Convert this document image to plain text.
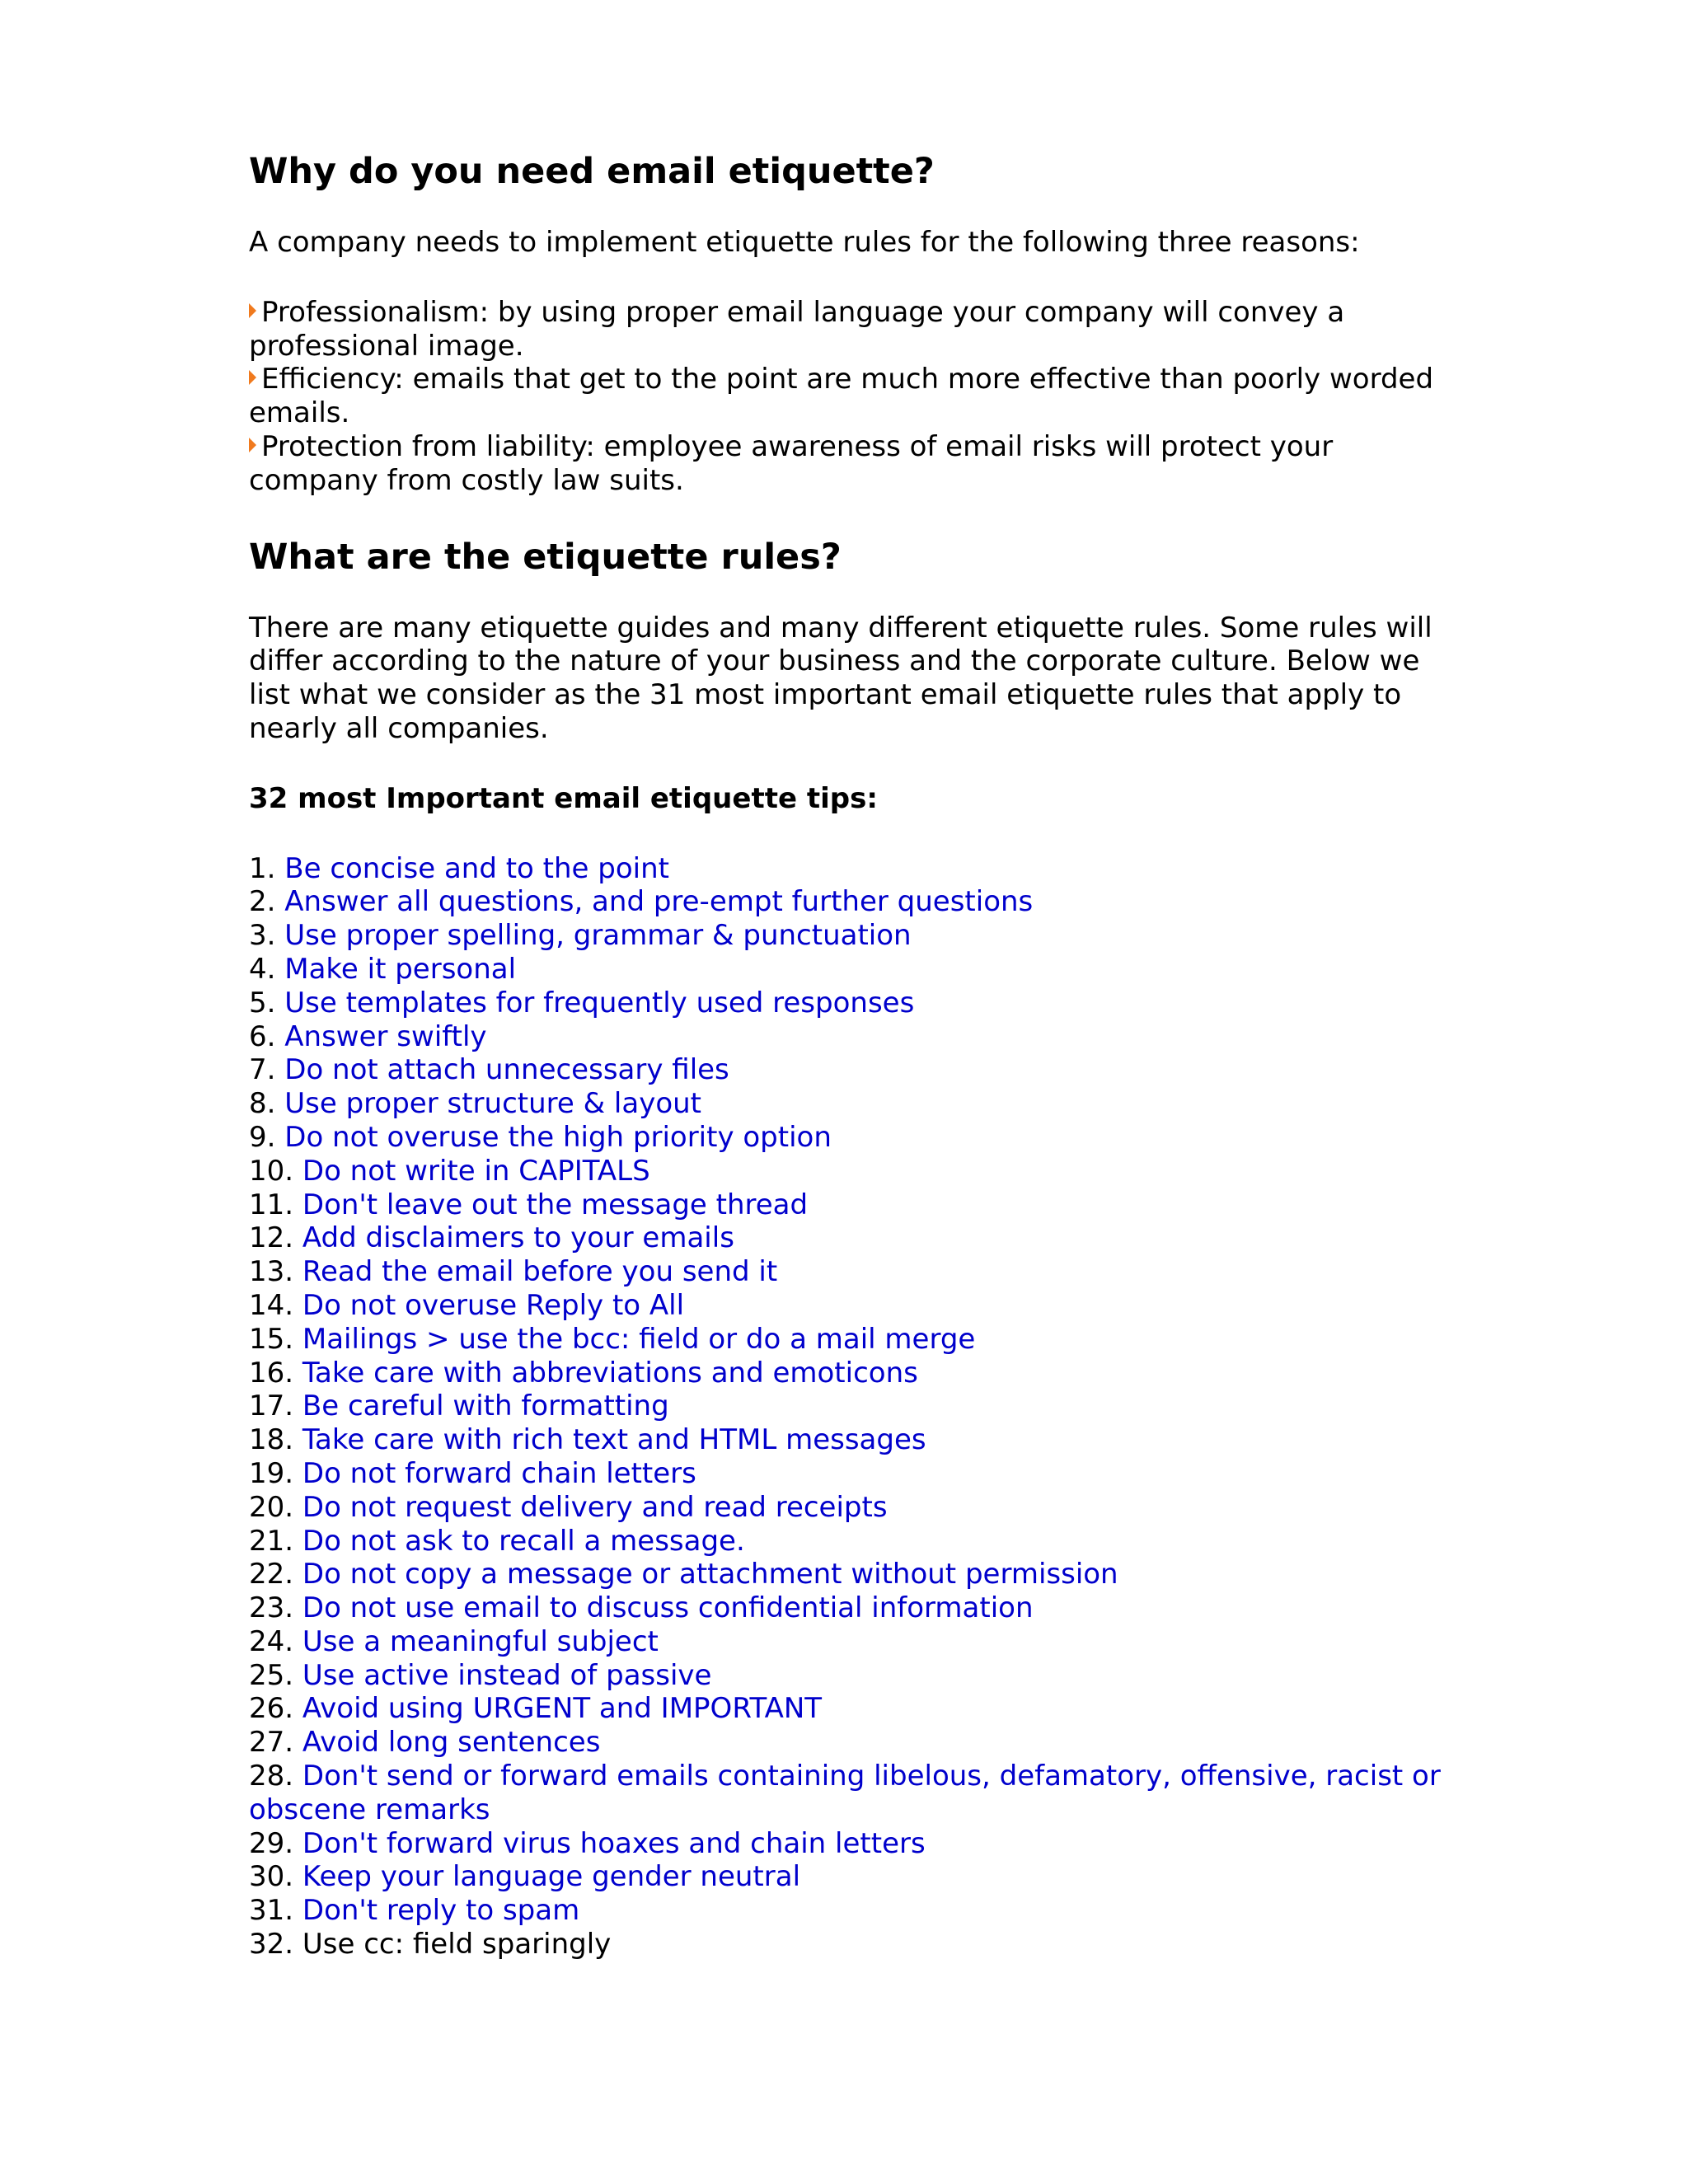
Why do you need email etiquette?

A company needs to implement etiquette rules for the following three reasons:

Professionalism: by using proper email language your company will convey a professional image.
Efficiency: emails that get to the point are much more effective than poorly worded emails.
Protection from liability: employee awareness of email risks will protect your company from costly law suits.
What are the etiquette rules?

There are many etiquette guides and many different etiquette rules. Some rules will differ according to the nature of your business and the corporate culture. Below we list what we consider as the 31 most important email etiquette rules that apply to nearly all companies.

32 most Important email etiquette tips:
1. Be concise and to the point
2. Answer all questions, and pre-empt further questions
3. Use proper spelling, grammar & punctuation
4. Make it personal
5. Use templates for frequently used responses
6. Answer swiftly
7. Do not attach unnecessary files
8. Use proper structure & layout
9. Do not overuse the high priority option
10. Do not write in CAPITALS
11. Don't leave out the message thread
12. Add disclaimers to your emails
13. Read the email before you send it
14. Do not overuse Reply to All
15. Mailings > use the bcc: field or do a mail merge
16. Take care with abbreviations and emoticons
17. Be careful with formatting
18. Take care with rich text and HTML messages
19. Do not forward chain letters
20. Do not request delivery and read receipts
21. Do not ask to recall a message.
22. Do not copy a message or attachment without permission
23. Do not use email to discuss confidential information
24. Use a meaningful subject
25. Use active instead of passive
26. Avoid using URGENT and IMPORTANT
27. Avoid long sentences
28. Don't send or forward emails containing libelous, defamatory, offensive, racist or obscene remarks
29. Don't forward virus hoaxes and chain letters
30. Keep your language gender neutral
31. Don't reply to spam
32. Use cc: field sparingly
